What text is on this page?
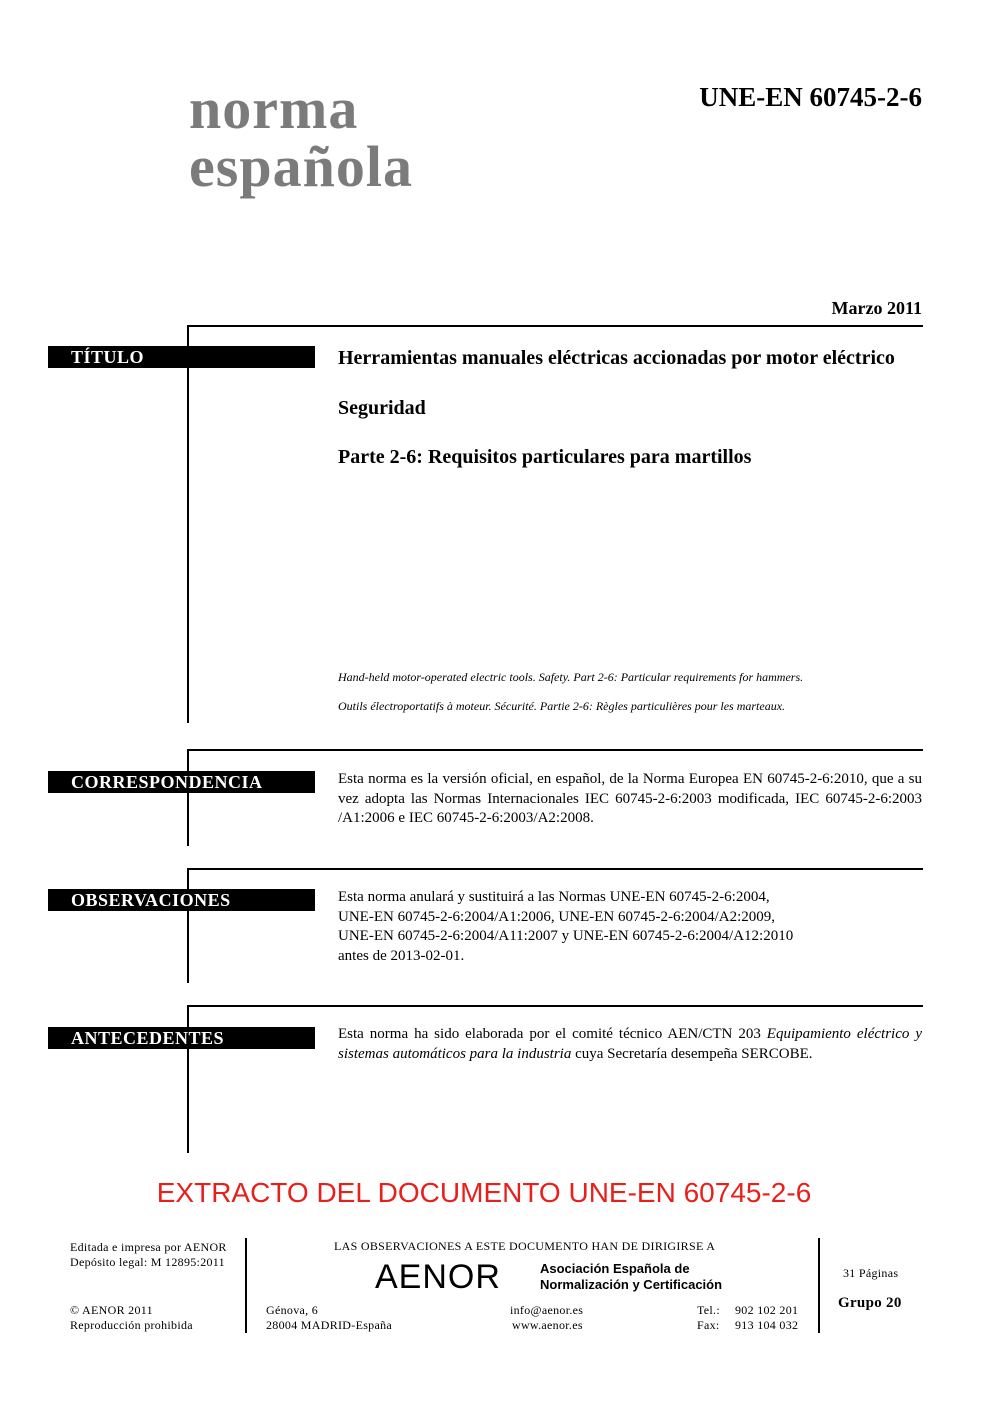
norma
española
UNE-EN 60745-2-6
Marzo 2011
TÍTULO	Herramientas manuales eléctricas accionadas por motor eléctrico
Seguridad
Parte 2-6: Requisitos particulares para martillos
Hand-held motor-operated electric tools. Safety. Part 2-6: Particular requirements for hammers.
Outils électroportatifs à moteur. Sécurité. Partie 2-6: Règles particulières pour les marteaux.
CORRESPONDENCIA	Esta norma es la versión oficial, en español, de la Norma Europea EN 60745-2-6:2010, que a su vez adopta las Normas Internacionales IEC 60745-2-6:2003 modificada, IEC 60745-2-6:2003 /A1:2006 e IEC 60745-2-6:2003/A2:2008.
OBSERVACIONES	Esta norma anulará y sustituirá a las Normas UNE-EN 60745-2-6:2004,
UNE-EN 60745-2-6:2004/A1:2006, UNE-EN 60745-2-6:2004/A2:2009,
UNE-EN 60745-2-6:2004/A11:2007 y UNE-EN 60745-2-6:2004/A12:2010
antes de 2013-02-01.
ANTECEDENTES	Esta norma ha sido elaborada por el comité técnico AEN/CTN 203 Equipamiento eléctrico y sistemas automáticos para la industria cuya Secretaría desempeña SERCOBE.
EXTRACTO DEL DOCUMENTO UNE-EN 60745-2-6
Editada e impresa por AENOR
Depósito legal: M 12895:2011
© AENOR 2011
Reproducción prohibida
LAS OBSERVACIONES A ESTE DOCUMENTO HAN DE DIRIGIRSE A
AENOR	Asociación Española de
Normalización y Certificación
Génova, 6
28004 MADRID-España
info@aenor.es
www.aenor.es
Tel.: 902 102 201
Fax: 913 104 032
31 Páginas
Grupo 20
